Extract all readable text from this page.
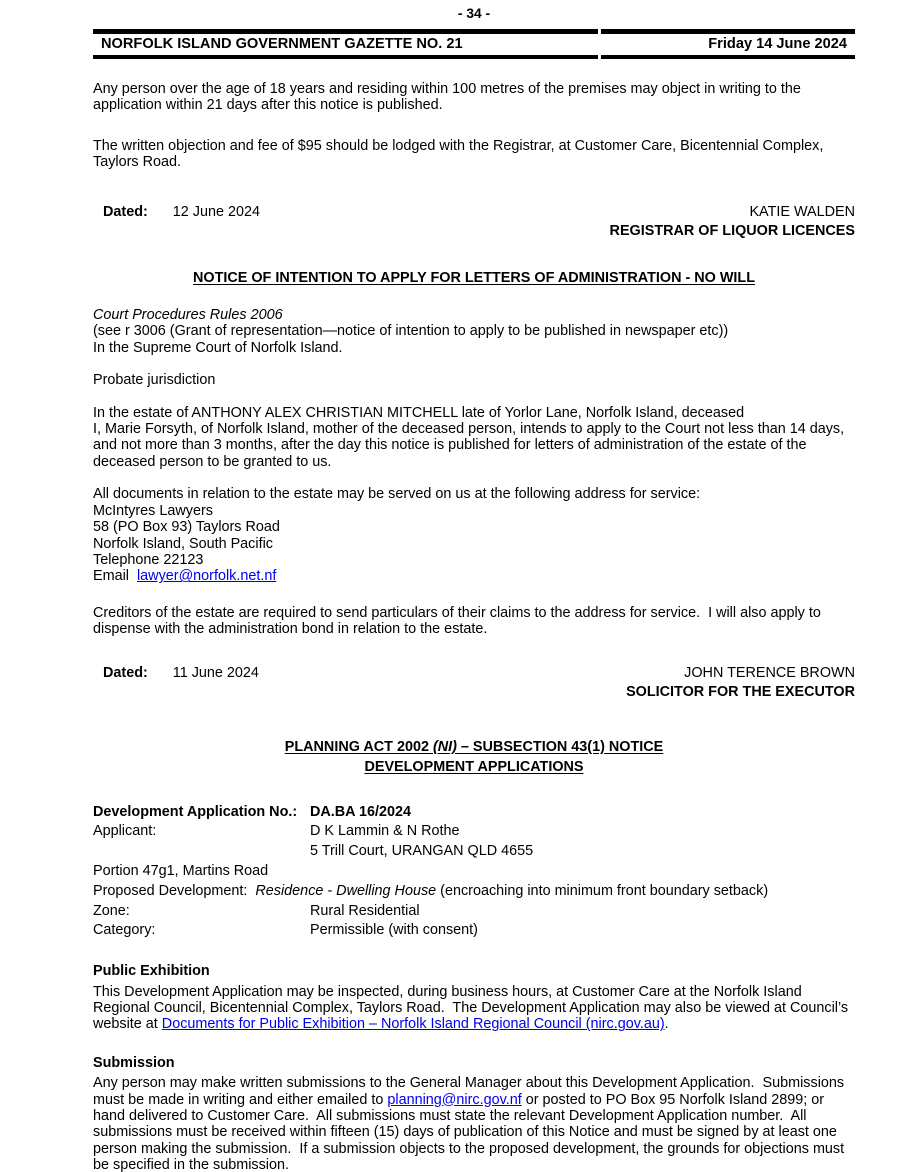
- 34 -
NORFOLK ISLAND GOVERNMENT GAZETTE NO. 21	Friday 14 June 2024

Any person over the age of 18 years and residing within 100 metres of the premises may object in writing to the application within 21 days after this notice is published.

The written objection and fee of $95 should be lodged with the Registrar, at Customer Care, Bicentennial Complex, Taylors Road.

Dated: 12 June 2024	KATIE WALDEN
REGISTRAR OF LIQUOR LICENCES
NOTICE OF INTENTION TO APPLY FOR LETTERS OF ADMINISTRATION - NO WILL
Court Procedures Rules 2006
(see r 3006 (Grant of representation—notice of intention to apply to be published in newspaper etc))
In the Supreme Court of Norfolk Island.
Probate jurisdiction
In the estate of ANTHONY ALEX CHRISTIAN MITCHELL late of Yorlor Lane, Norfolk Island, deceased
I, Marie Forsyth, of Norfolk Island, mother of the deceased person, intends to apply to the Court not less than 14 days, and not more than 3 months, after the day this notice is published for letters of administration of the estate of the deceased person to be granted to us.
All documents in relation to the estate may be served on us at the following address for service:
McIntyres Lawyers
58 (PO Box 93) Taylors Road
Norfolk Island, South Pacific
Telephone 22123
Email  lawyer@norfolk.net.nf

Creditors of the estate are required to send particulars of their claims to the address for service.  I will also apply to dispense with the administration bond in relation to the estate.

Dated: 11 June 2024	JOHN TERENCE BROWN
SOLICITOR FOR THE EXECUTOR
PLANNING ACT 2002 (NI) – SUBSECTION 43(1) NOTICE
DEVELOPMENT APPLICATIONS
Development Application No.: DA.BA 16/2024
Applicant:	D K Lammin & N Rothe
5 Trill Court, URANGAN QLD 4655
Portion 47g1, Martins Road
Proposed Development:  Residence - Dwelling House (encroaching into minimum front boundary setback)
Zone:	Rural Residential
Category:	Permissible (with consent)
Public Exhibition

This Development Application may be inspected, during business hours, at Customer Care at the Norfolk Island Regional Council, Bicentennial Complex, Taylors Road.  The Development Application may also be viewed at Council’s website at Documents for Public Exhibition – Norfolk Island Regional Council (nirc.gov.au).

Submission

Any person may make written submissions to the General Manager about this Development Application.  Submissions must be made in writing and either emailed to planning@nirc.gov.nf or posted to PO Box 95 Norfolk Island 2899; or hand delivered to Customer Care.  All submissions must state the relevant Development Application number.  All submissions must be received within fifteen (15) days of publication of this Notice and must be signed by at least one person making the submission.  If a submission objects to the proposed development, the grounds for objections must be specified in the submission.
